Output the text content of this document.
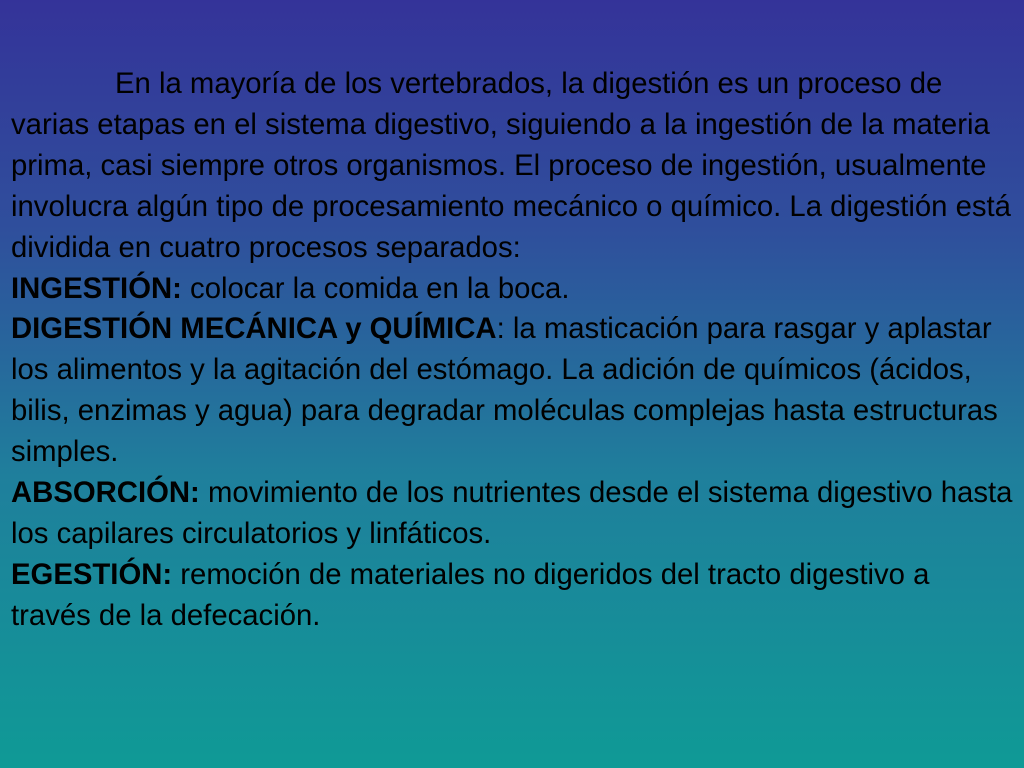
En la mayoría de los vertebrados, la digestión es un proceso de varias etapas en el sistema digestivo, siguiendo a la ingestión de la materia prima, casi siempre otros organismos. El proceso de ingestión, usualmente involucra algún tipo de procesamiento mecánico o químico. La digestión está dividida en cuatro procesos separados:

INGESTIÓN: colocar la comida en la boca.

DIGESTIÓN MECÁNICA y QUÍMICA: la masticación para rasgar y aplastar los alimentos y la agitación del estómago. La adición de químicos (ácidos, bilis, enzimas y agua) para degradar moléculas complejas hasta estructuras simples.

ABSORCIÓN: movimiento de los nutrientes desde el sistema digestivo hasta los capilares circulatorios y linfáticos.

EGESTIÓN: remoción de materiales no digeridos del tracto digestivo a través de la defecación.
